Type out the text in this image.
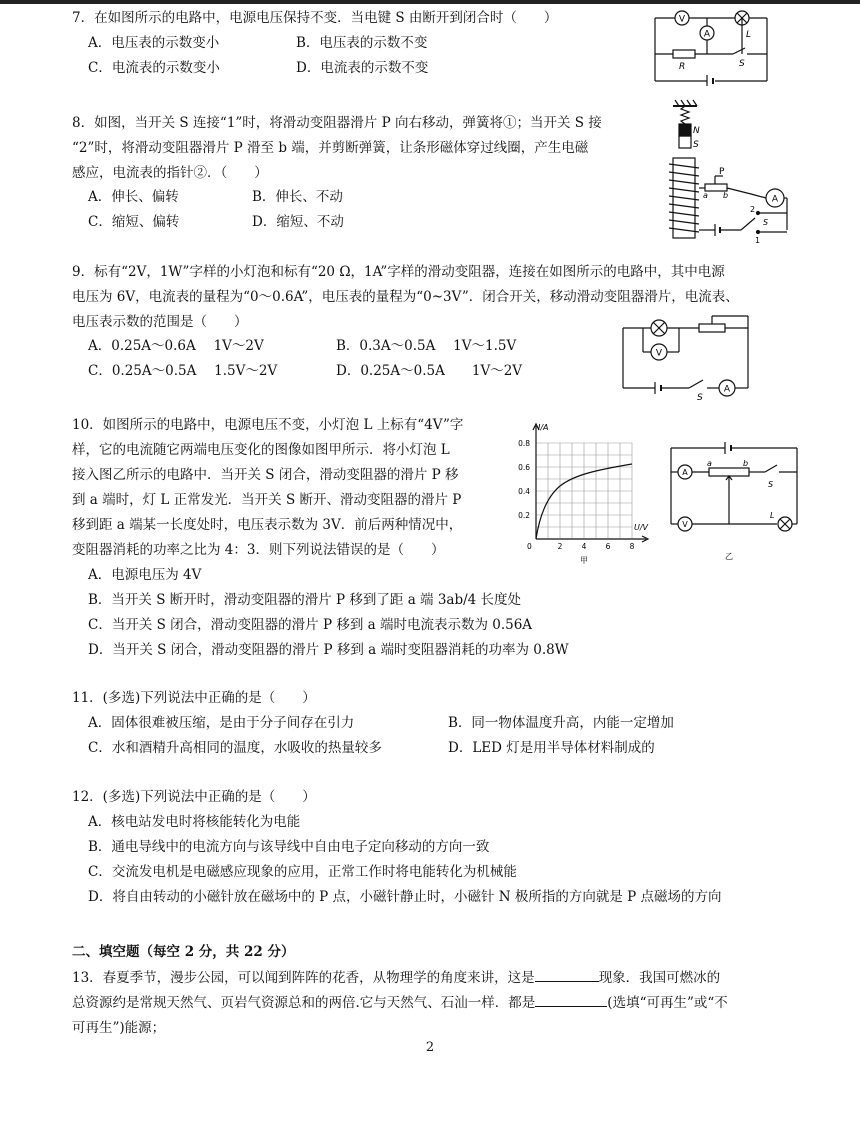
7．在如图所示的电路中，电源电压保持不变．当电键 S 由断开到闭合时（　　）
A．电压表的示数变小	B．电压表的示数不变
C．电流表的示数变小	D．电流表的示数不变
V
A	L
R	S
8．如图，当开关 S 连接“1”时，将滑动变阻器滑片 P 向右移动，弹簧将①；当开关 S 接
“2”时，将滑动变阻器滑片 P 滑至 b 端，并剪断弹簧，让条形磁体穿过线圈，产生电磁
感应，电流表的指针②．（　　）
A．伸长、偏转	B．伸长、不动
C．缩短、偏转	D．缩短、不动
N
S
P
a b	A
2
1
S
9．标有“2V，1W”字样的小灯泡和标有“20 Ω，1A”字样的滑动变阻器，连接在如图所示的电路中，其中电源
电压为 6V，电流表的量程为“0～0.6A”，电压表的量程为“0~3V”．闭合开关，移动滑动变阻器滑片，电流表、
电压表示数的范围是（　　）
A．0.25A～0.6A　 1V～2V	B．0.3A～0.5A　 1V～1.5V
C．0.25A～0.5A　 1.5V～2V	D．0.25A～0.5A　　1V～2V
V
A
S
10．如图所示的电路中，电源电压不变，小灯泡 L 上标有“4V”字
样，它的电流随它两端电压变化的图像如图甲所示．将小灯泡 L
接入图乙所示的电路中．当开关 S 闭合，滑动变阻器的滑片 P 移
到 a 端时，灯 L 正常发光．当开关 S 断开、滑动变阻器的滑片 P
移到距 a 端某一长度处时，电压表示数为 3V．前后两种情况中，
变阻器消耗的功率之比为 4：3．则下列说法错误的是（　　）
A．电源电压为 4V
B．当开关 S 断开时，滑动变阻器的滑片 P 移到了距 a 端 3ab/4 长度处
C．当开关 S 闭合，滑动变阻器的滑片 P 移到 a 端时电流表示数为 0.56A
D．当开关 S 闭合，滑动变阻器的滑片 P 移到 a 端时变阻器消耗的功率为 0.8W
I/A
U/V
0.8
0.6
0.4
0.2
0	2	4	6	8
甲
A
a	b
S
V
L
乙
11．(多选)下列说法中正确的是（　　）
A．固体很难被压缩，是由于分子间存在引力	B．同一物体温度升高，内能一定增加
C．水和酒精升高相同的温度，水吸收的热量较多	D．LED 灯是用半导体材料制成的
12．(多选)下列说法中正确的是（　　）
A．核电站发电时将核能转化为电能
B．通电导线中的电流方向与该导线中自由电子定向移动的方向一致
C．交流发电机是电磁感应现象的应用，正常工作时将电能转化为机械能
D．将自由转动的小磁针放在磁场中的 P 点，小磁针静止时，小磁针 N 极所指的方向就是 P 点磁场的方向
二、填空题（每空 2 分，共 22 分）
13．春夏季节，漫步公园，可以闻到阵阵的花香，从物理学的角度来讲，这是	现象．我国可燃冰的
总资源约是常规天然气、页岩气资源总和的两倍.它与天然气、石汕一样．都是	(选填“可再生”或“不
可再生”)能源；
2
